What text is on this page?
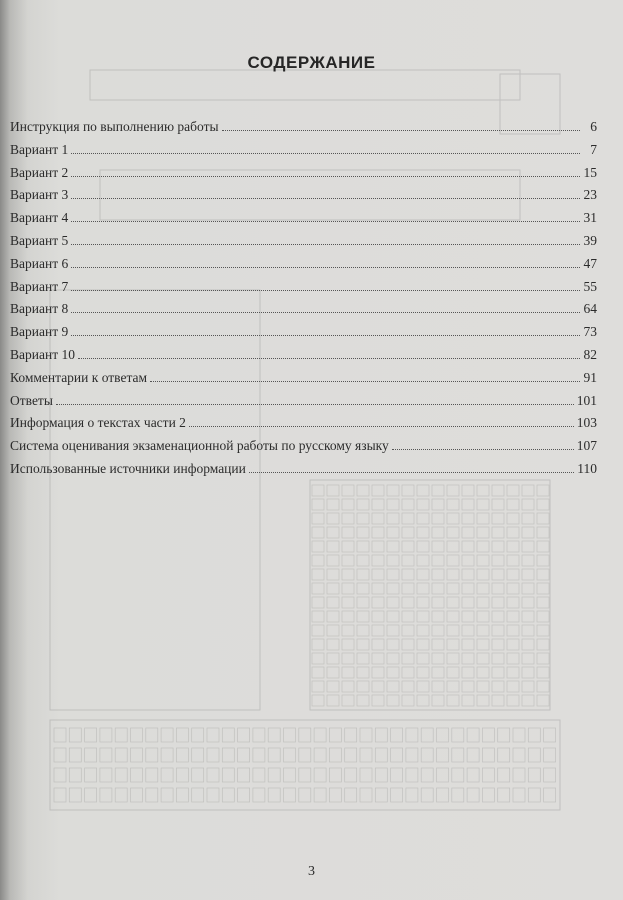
СОДЕРЖАНИЕ
Инструкция по выполнению работы	6
Вариант 1	7
Вариант 2	15
Вариант 3	23
Вариант 4	31
Вариант 5	39
Вариант 6	47
Вариант 7	55
Вариант 8	64
Вариант 9	73
Вариант 10	82
Комментарии к ответам	91
Ответы	101
Информация о текстах части 2	103
Система оценивания экзаменационной работы по русскому языку	107
Использованные источники информации	110
3
